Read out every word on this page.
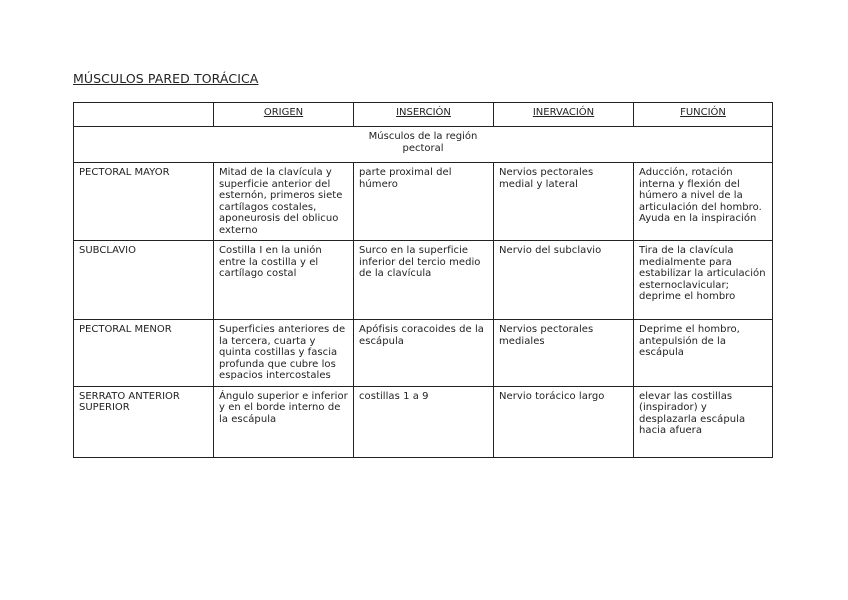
MÚSCULOS PARED TORÁCICA
	ORIGEN	INSERCIÓN	INERVACIÓN	FUNCIÓN

Músculos de la región pectoral				

PECTORAL MAYOR	Mitad de la clavícula y superficie anterior del esternón, primeros siete cartílagos costales, aponeurosis del oblicuo externo	parte proximal del húmero	Nervios pectorales medial y lateral	Aducción, rotación interna y flexión del húmero a nivel de la articulación del hombro. Ayuda en la inspiración
SUBCLAVIO	Costilla I en la unión entre la costilla y el cartílago costal	Surco en la superficie inferior del tercio medio de la clavícula	Nervio del subclavio	Tira de la clavícula medialmente para estabilizar la articulación esternoclavicular; deprime el hombro
PECTORAL MENOR	Superficies anteriores de la tercera, cuarta y quinta costillas y fascia profunda que cubre los espacios intercostales	Apófisis coracoides de la escápula	Nervios pectorales mediales	Deprime el hombro, antepulsión de la escápula
SERRATO ANTERIOR SUPERIOR	Ángulo superior e inferior y en el borde interno de la escápula	costillas 1 a 9	Nervio torácico largo	elevar las costillas (inspirador) y desplazarla escápula hacia afuera
